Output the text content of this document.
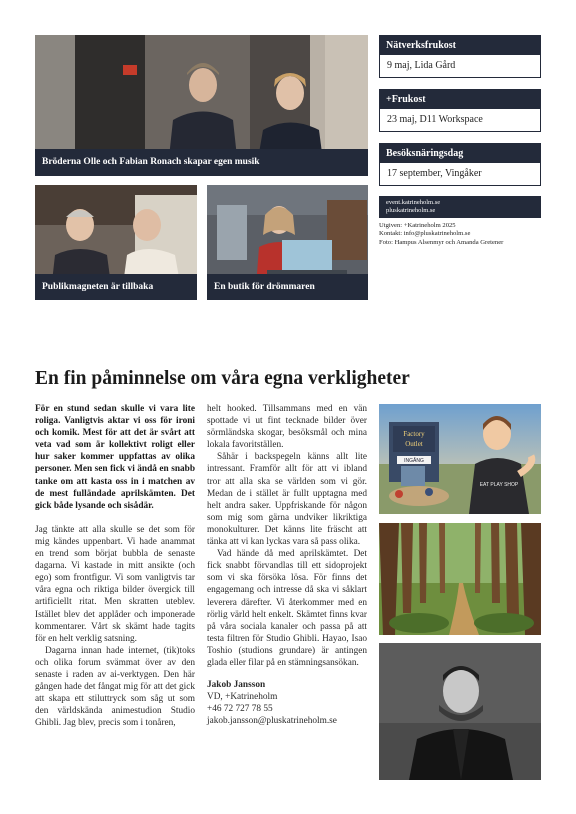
Bröderna Olle och Fabian Ronach skapar egen musik
Publikmagneten är tillbaka	En butik för drömmaren
Nätverksfrukost
9 maj, Lida Gård
+Frukost
23 maj, D11 Workspace
Besöksnäringsdag
17 september, Vingåker
event.katrineholm.se
pluskatrineholm.se
Utgiven: +Katrineholm 2025
Kontakt: info@pluskatrineholm.se
Foto: Hampus Alsenmyr och Amanda Gretener
En fin påminnelse om våra egna verkligheter

För en stund sedan skulle vi vara lite roliga. Vanligtvis aktar vi oss för ironi och komik. Mest för att det är svårt att veta vad som är kollektivt roligt eller hur saker kommer uppfattas av olika personer. Men sen fick vi ändå en snabb tanke om att kasta oss in i matchen av de mest fulländade aprilskämten. Det gick både lysande och sisådär.

Jag tänkte att alla skulle se det som för mig kändes uppenbart. Vi hade anammat en trend som börjat bubbla de senaste dagarna. Vi kastade in mitt ansikte (och ego) som frontfigur. Vi som vanligtvis tar våra egna och riktiga bilder övergick till artificiellt ritat. Men skratten uteblev. Istället blev det applåder och imponerade kommentarer. Vårt sk skämt hade tagits för en helt verklig satsning.

Dagarna innan hade internet, (tik)toks och olika forum svämmat över av den senaste i raden av ai-verktygen. Den här gången hade det fångat mig för att det gick att skapa ett stiluttryck som såg ut som den världskända animestudion Studio Ghibli. Jag blev, precis som i tonåren,

helt hooked. Tillsammans med en vän spottade vi ut fint tecknade bilder över sörmländska skogar, besöksmål och mina lokala favoritställen.

Såhär i backspegeln känns allt lite intressant. Framför allt för att vi ibland tror att alla ska se världen som vi gör. Medan de i stället är fullt upptagna med helt andra saker. Uppfriskande för någon som mig som gärna undviker likriktiga monokulturer. Det känns lite fräscht att tänka att vi kan lyckas vara så pass olika.

Vad hände då med aprilskämtet. Det fick snabbt förvandlas till ett sidoprojekt som vi ska försöka lösa. För finns det engagemang och intresse då ska vi såklart leverera därefter. Vi återkommer med en rörlig värld helt enkelt. Skämtet finns kvar på våra sociala kanaler och passa på att testa filtren för Studio Ghibli. Hayao, Isao Toshio (studions grundare) är antingen glada eller filar på en stämningsansökan.

Jakob Jansson
VD, +Katrineholm
+46 72 727 78 55
jakob.jansson@pluskatrineholm.se
Factory
Outlet
INGÅNG
EAT PLAY SHOP
